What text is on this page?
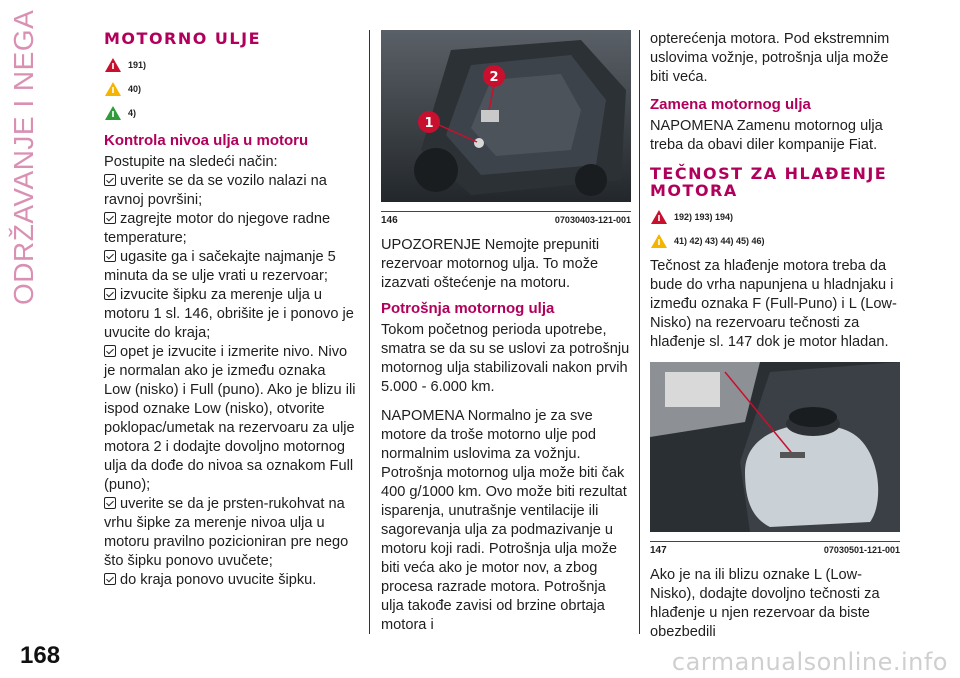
ODRŽAVANJE I NEGA
168
MOTORNO ULJE
191)
40)
4)
Kontrola nivoa ulja u motoru

Postupite na sledeći način:

uverite se da se vozilo nalazi na ravnoj površini;

zagrejte motor do njegove radne temperature;

ugasite ga i sačekajte najmanje 5 minuta da se ulje vrati u rezervoar;

izvucite šipku za merenje ulja u motoru 1 sl. 146, obrišite je i ponovo je uvucite do kraja;

opet je izvucite i izmerite nivo. Nivo je normalan ako je između oznaka Low (nisko) i Full (puno). Ako je blizu ili ispod oznake Low (nisko), otvorite poklopac/umetak na rezervoaru za ulje motora 2 i dodajte dovoljno motornog ulja da dođe do nivoa sa oznakom Full (puno);

uverite se da je prsten-rukohvat na vrhu šipke za merenje nivoa ulja u motoru pravilno pozicioniran pre nego što šipku ponovo uvučete;

do kraja ponovo uvucite šipku.

1
2
146	07030403-121-001

UPOZORENJE Nemojte prepuniti rezervoar motornog ulja. To može izazvati oštećenje na motoru.

Potrošnja motornog ulja

Tokom početnog perioda upotrebe, smatra se da su se uslovi za potrošnju motornog ulja stabilizovali nakon prvih 5.000 - 6.000 km.

NAPOMENA Normalno je za sve motore da troše motorno ulje pod normalnim uslovima za vožnju. Potrošnja motornog ulja može biti čak 400 g/1000 km. Ovo može biti rezultat isparenja, unutrašnje ventilacije ili sagorevanja ulja za podmazivanje u motoru koji radi. Potrošnja ulja može biti veća ako je motor nov, a zbog procesa razrade motora. Potrošnja ulja takođe zavisi od brzine obrtaja motora i

opterećenja motora. Pod ekstremnim uslovima vožnje, potrošnja ulja može biti veća.

Zamena motornog ulja

NAPOMENA Zamenu motornog ulja treba da obavi diler kompanije Fiat.

TEČNOST ZA HLAĐENJE MOTORA
192) 193) 194)
41) 42) 43) 44) 45) 46)

Tečnost za hlađenje motora treba da bude do vrha napunjena u hladnjaku i između oznaka F (Full-Puno) i L (Low-Nisko) na rezervoaru tečnosti za hlađenje sl. 147 dok je motor hladan.

147	07030501-121-001

Ako je na ili blizu oznake L (Low-Nisko), dodajte dovoljno tečnosti za hlađenje u njen rezervoar da biste obezbedili

carmanualsonline.info
